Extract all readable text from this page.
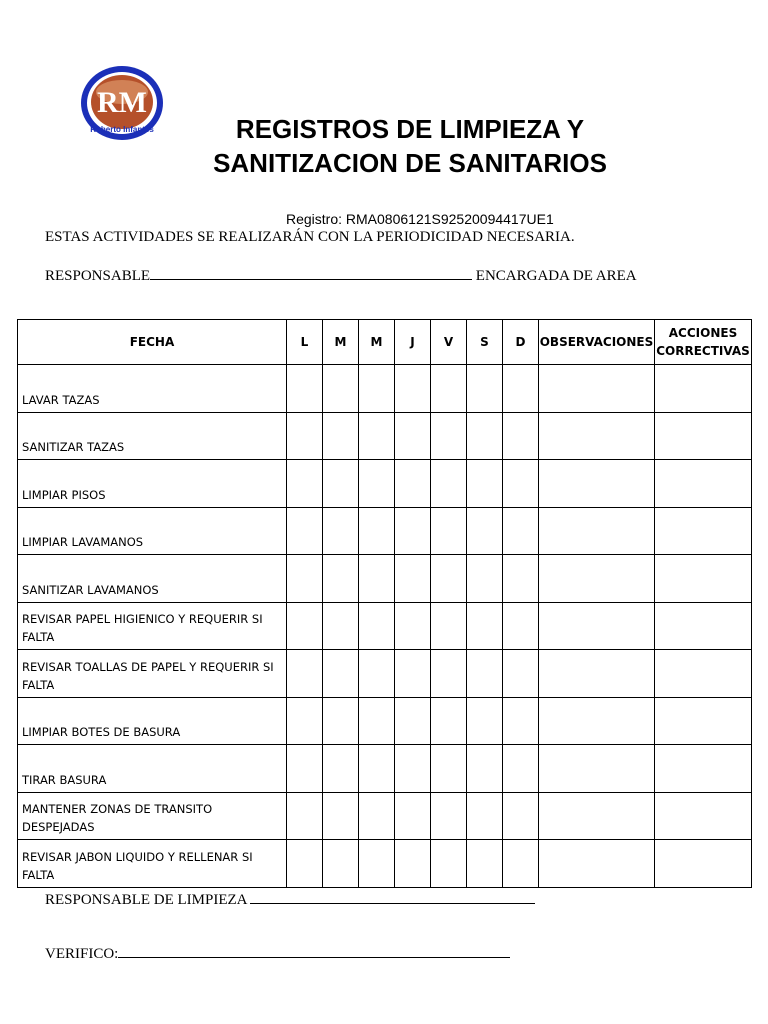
RM
Roberto Infantes	REGISTROS DE LIMPIEZA Y
SANITIZACION DE SANITARIOS
Registro: RMA0806121S92520094417UE1
ESTAS ACTIVIDADES SE REALIZARÁN CON LA PERIODICIDAD NECESARIA.
RESPONSABLE	ENCARGADA DE AREA
FECHA	L	M	M	J	V	S	D	OBSERVACIONES	ACCIONES CORRECTIVAS
LAVAR TAZAS									
SANITIZAR TAZAS									
LIMPIAR PISOS									
LIMPIAR LAVAMANOS									
SANITIZAR LAVAMANOS									
REVISAR PAPEL HIGIENICO Y REQUERIR SI FALTA									
REVISAR TOALLAS DE PAPEL Y REQUERIR SI FALTA									
LIMPIAR BOTES DE BASURA									
TIRAR BASURA									
MANTENER ZONAS DE TRANSITO DESPEJADAS									
REVISAR JABON LIQUIDO Y RELLENAR SI FALTA									
RESPONSABLE DE LIMPIEZA
VERIFICO:
